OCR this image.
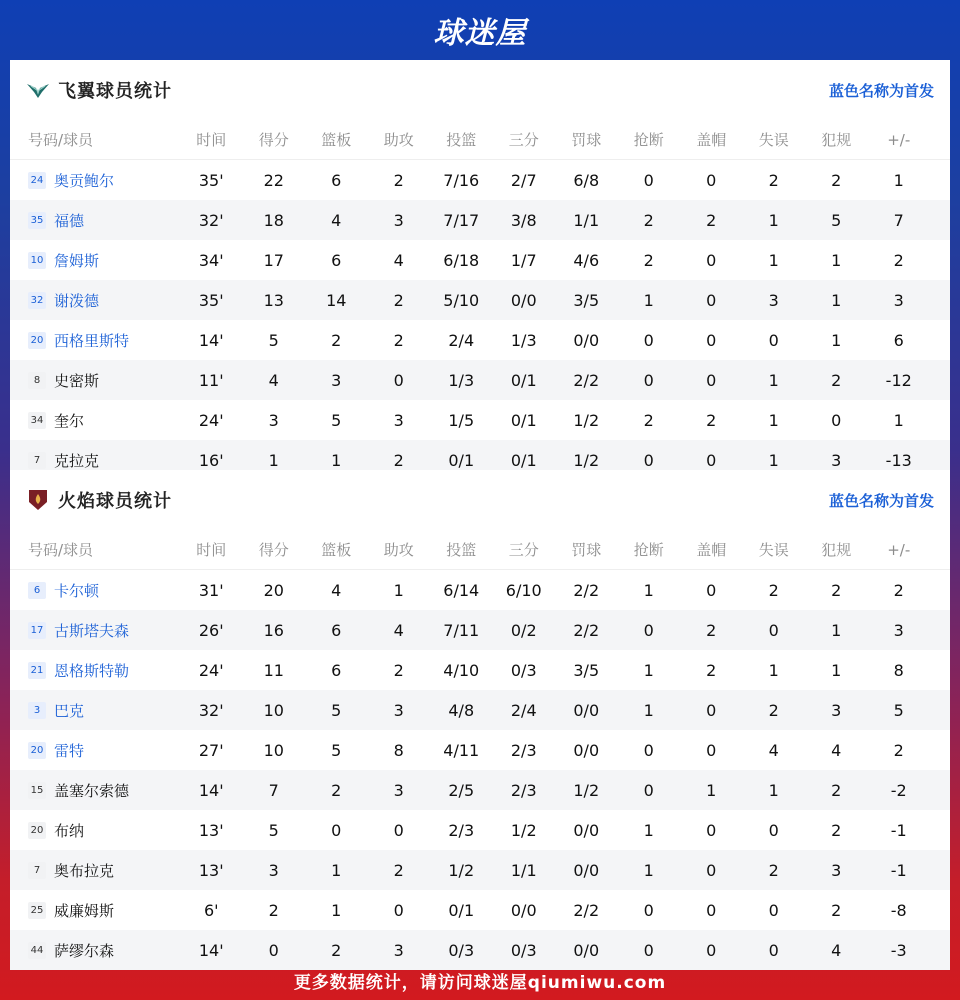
球迷屋
飞翼球员统计	蓝色名称为首发
号码/球员	时间	得分	篮板	助攻	投篮	三分	罚球	抢断	盖帽	失误	犯规	+/-
24 奥贡鲍尔	35'	22	6	2	7/16	2/7	6/8	0	0	2	2	1
35 福德	32'	18	4	3	7/17	3/8	1/1	2	2	1	5	7
10 詹姆斯	34'	17	6	4	6/18	1/7	4/6	2	0	1	1	2
32 谢泼德	35'	13	14	2	5/10	0/0	3/5	1	0	3	1	3
20 西格里斯特	14'	5	2	2	2/4	1/3	0/0	0	0	0	1	6
8 史密斯	11'	4	3	0	1/3	0/1	2/2	0	0	1	2	-12
34 奎尔	24'	3	5	3	1/5	0/1	1/2	2	2	1	0	1
7 克拉克	16'	1	1	2	0/1	0/1	1/2	0	0	1	3	-13
火焰球员统计	蓝色名称为首发
号码/球员	时间	得分	篮板	助攻	投篮	三分	罚球	抢断	盖帽	失误	犯规	+/-
6 卡尔顿	31'	20	4	1	6/14	6/10	2/2	1	0	2	2	2
17 古斯塔夫森	26'	16	6	4	7/11	0/2	2/2	0	2	0	1	3
21 恩格斯特勒	24'	11	6	2	4/10	0/3	3/5	1	2	1	1	8
3 巴克	32'	10	5	3	4/8	2/4	0/0	1	0	2	3	5
20 雷特	27'	10	5	8	4/11	2/3	0/0	0	0	4	4	2
15 盖塞尔索德	14'	7	2	3	2/5	2/3	1/2	0	1	1	2	-2
20 布纳	13'	5	0	0	2/3	1/2	0/0	1	0	0	2	-1
7 奥布拉克	13'	3	1	2	1/2	1/1	0/0	1	0	2	3	-1
25 威廉姆斯	6'	2	1	0	0/1	0/0	2/2	0	0	0	2	-8
44 萨缪尔森	14'	0	2	3	0/3	0/3	0/0	0	0	0	4	-3
更多数据统计，请访问球迷屋qiumiwu.com
